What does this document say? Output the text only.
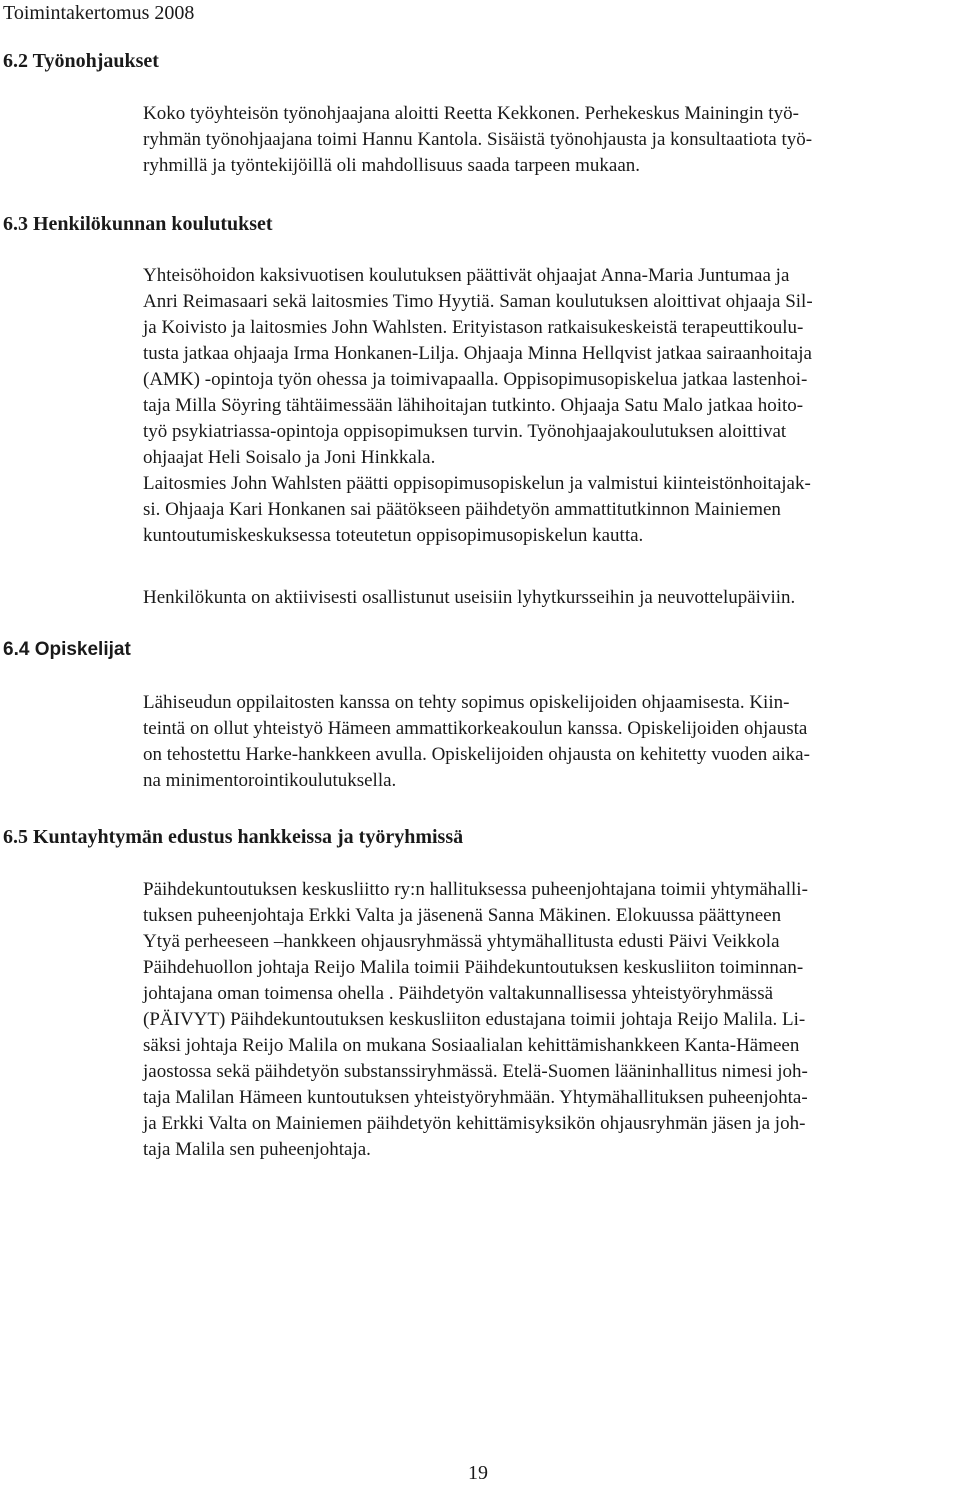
Toimintakertomus 2008
6.2 Työnohjaukset
Koko työyhteisön työnohjaajana aloitti Reetta Kekkonen. Perhekeskus Mainingin työ-
ryhmän työnohjaajana toimi Hannu Kantola. Sisäistä työnohjausta ja konsultaatiota työ-
ryhmillä ja työntekijöillä oli mahdollisuus saada tarpeen mukaan.
6.3 Henkilökunnan koulutukset
Yhteisöhoidon kaksivuotisen koulutuksen päättivät ohjaajat Anna-Maria Juntumaa ja
Anri Reimasaari sekä laitosmies Timo Hyytiä. Saman koulutuksen aloittivat ohjaaja Sil-
ja Koivisto ja laitosmies John Wahlsten. Erityistason ratkaisukeskeistä terapeuttikoulu-
tusta jatkaa ohjaaja Irma Honkanen-Lilja. Ohjaaja Minna Hellqvist jatkaa sairaanhoitaja
(AMK) -opintoja työn ohessa ja toimivapaalla. Oppisopimusopiskelua jatkaa lastenhoi-
taja Milla Söyring tähtäimessään lähihoitajan tutkinto. Ohjaaja Satu Malo jatkaa hoito-
työ psykiatriassa-opintoja oppisopimuksen turvin. Työnohjaajakoulutuksen aloittivat
ohjaajat Heli Soisalo ja Joni Hinkkala.
Laitosmies John Wahlsten päätti oppisopimusopiskelun ja valmistui kiinteistönhoitajak-
si. Ohjaaja Kari Honkanen sai päätökseen päihdetyön ammattitutkinnon Mainiemen
kuntoutumiskeskuksessa toteutetun oppisopimusopiskelun kautta.
Henkilökunta on aktiivisesti osallistunut useisiin lyhytkursseihin ja neuvottelupäiviin.
6.4 Opiskelijat
Lähiseudun oppilaitosten kanssa on tehty sopimus opiskelijoiden ohjaamisesta. Kiin-
teintä on ollut yhteistyö Hämeen ammattikorkeakoulun kanssa. Opiskelijoiden ohjausta
on tehostettu Harke-hankkeen avulla. Opiskelijoiden ohjausta on kehitetty vuoden aika-
na minimentorointikoulutuksella.
6.5 Kuntayhtymän edustus hankkeissa ja työryhmissä
Päihdekuntoutuksen keskusliitto ry:n hallituksessa puheenjohtajana toimii yhtymähalli-
tuksen puheenjohtaja Erkki Valta ja jäsenenä Sanna Mäkinen. Elokuussa päättyneen
Ytyä perheeseen –hankkeen ohjausryhmässä yhtymähallitusta edusti Päivi Veikkola
Päihdehuollon johtaja Reijo Malila toimii Päihdekuntoutuksen keskusliiton toiminnan-
johtajana oman toimensa ohella . Päihdetyön valtakunnallisessa yhteistyöryhmässä
(PÄIVYT) Päihdekuntoutuksen keskusliiton edustajana toimii johtaja Reijo Malila. Li-
säksi johtaja Reijo Malila on mukana Sosiaalialan kehittämishankkeen Kanta-Hämeen
jaostossa sekä päihdetyön substanssiryhmässä. Etelä-Suomen lääninhallitus nimesi joh-
taja Malilan Hämeen kuntoutuksen yhteistyöryhmään. Yhtymähallituksen puheenjohta-
ja Erkki Valta on Mainiemen päihdetyön kehittämisyksikön ohjausryhmän jäsen ja joh-
taja Malila sen puheenjohtaja.
19
